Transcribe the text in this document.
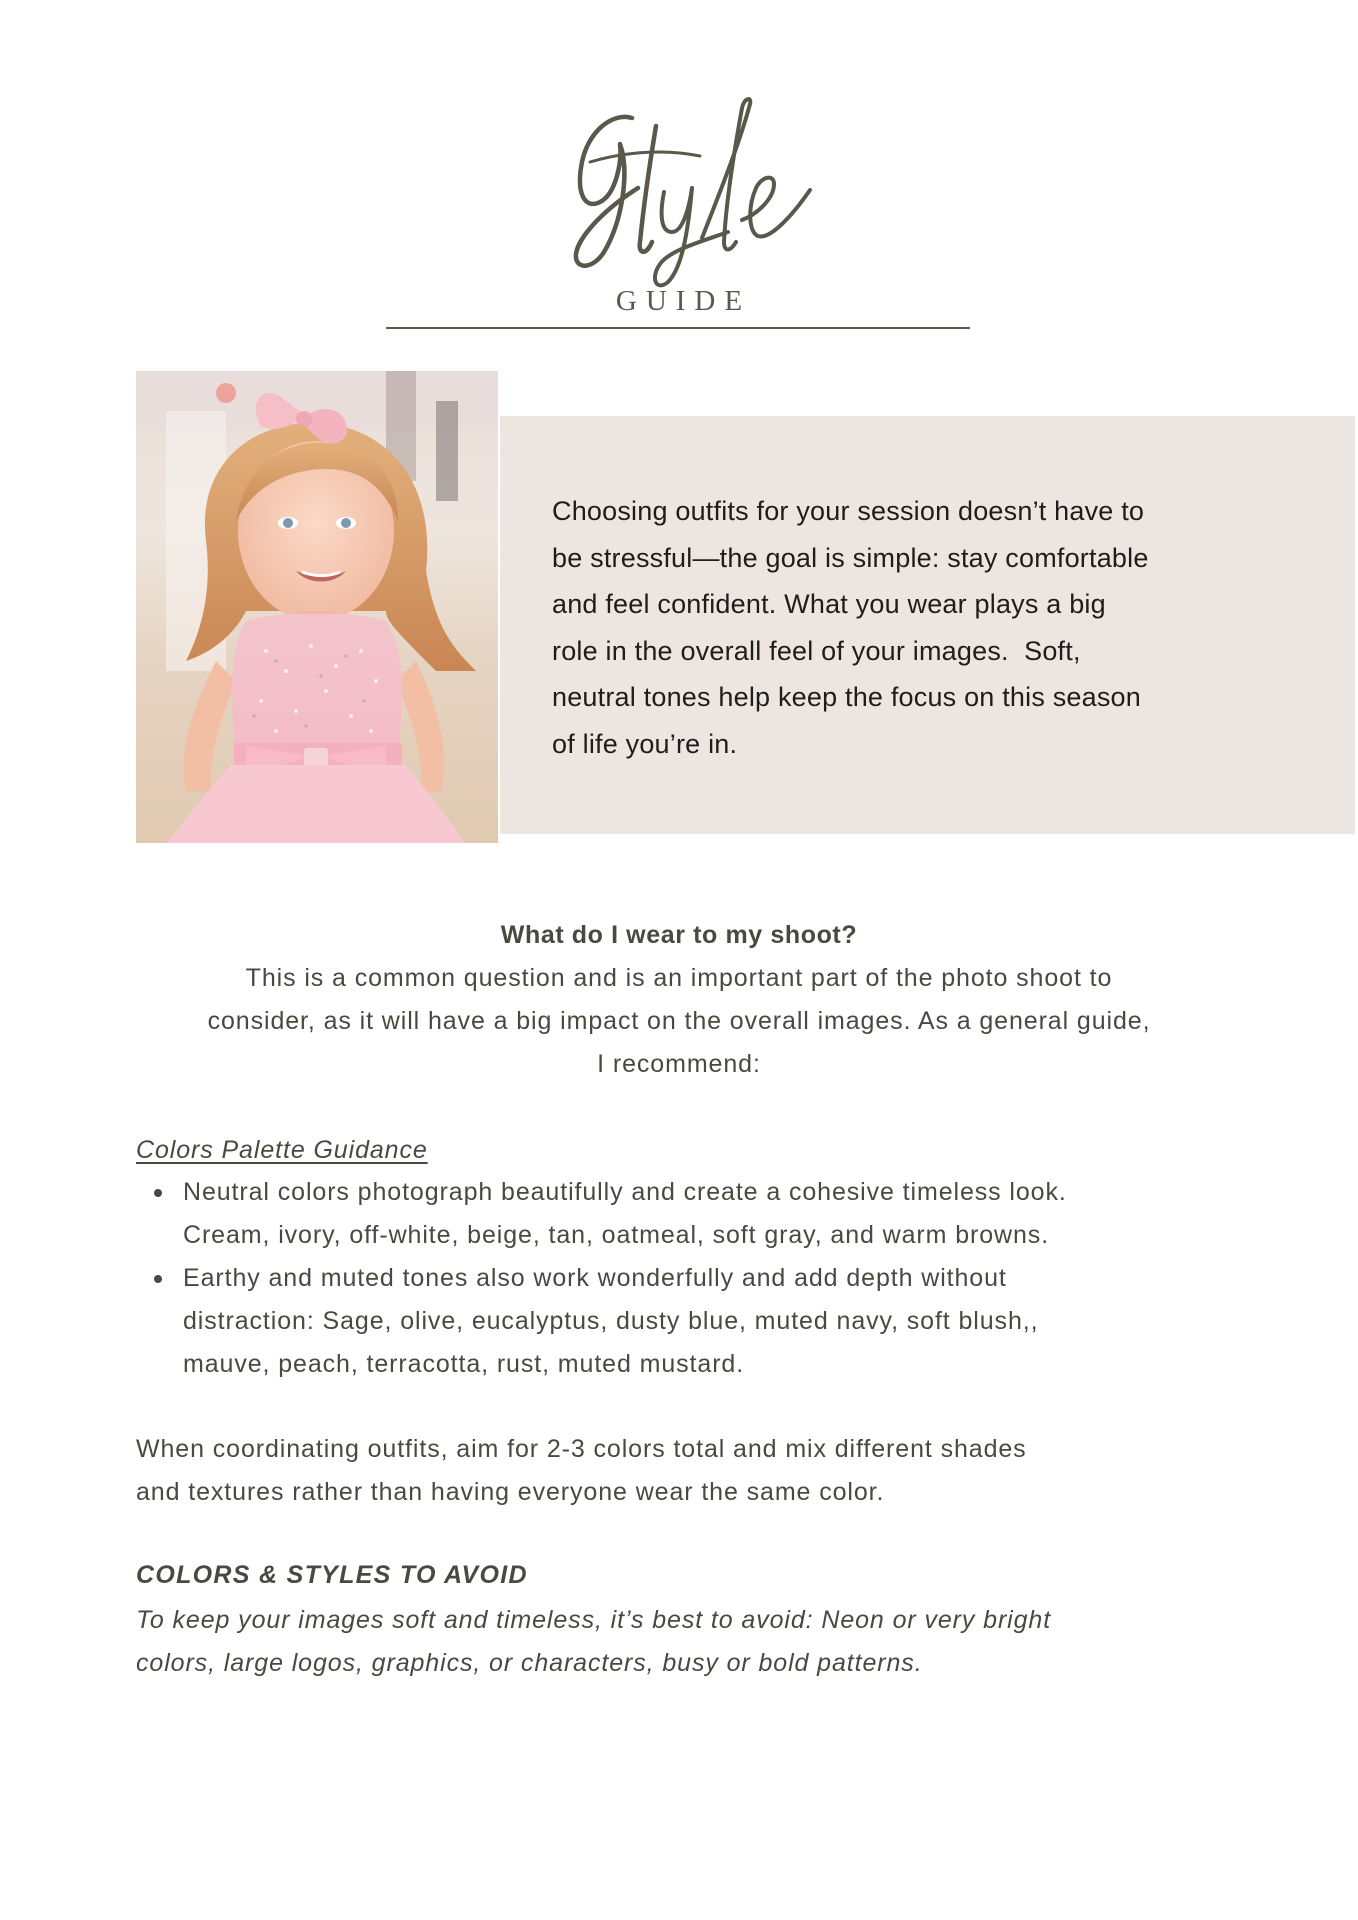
GUIDE
Choosing outfits for your session doesn’t have to
be stressful—the goal is simple: stay comfortable
and feel confident. What you wear plays a big
role in the overall feel of your images.  Soft,
neutral tones help keep the focus on this season
of life you’re in.
What do I wear to my shoot?
This is a common question and is an important part of the photo shoot to
consider, as it will have a big impact on the overall images. As a general guide,
I recommend:
Colors Palette Guidance
Neutral colors photograph beautifully and create a cohesive timeless look.
Cream, ivory, off-white, beige, tan, oatmeal, soft gray, and warm browns.
Earthy and muted tones also work wonderfully and add depth without
distraction: Sage, olive, eucalyptus, dusty blue, muted navy, soft blush,,
mauve, peach, terracotta, rust, muted mustard.
When coordinating outfits, aim for 2-3 colors total and mix different shades
and textures rather than having everyone wear the same color.
COLORS & STYLES TO AVOID
To keep your images soft and timeless, it’s best to avoid: Neon or very bright
colors, large logos, graphics, or characters, busy or bold patterns.
